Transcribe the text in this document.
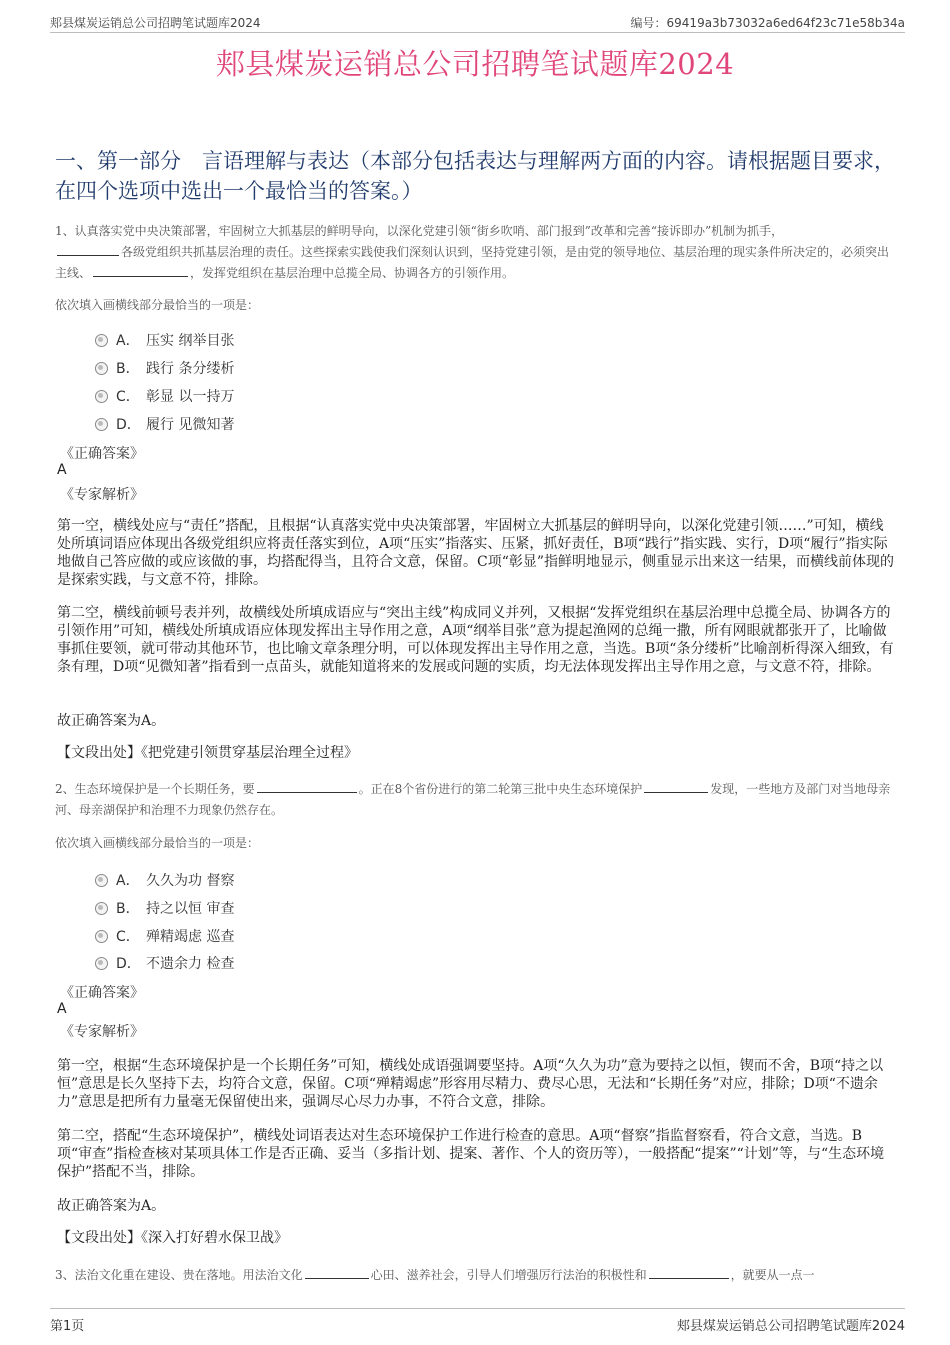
郏县煤炭运销总公司招聘笔试题库2024	编号：69419a3b73032a6ed64f23c71e58b34a
郏县煤炭运销总公司招聘笔试题库2024
一、第一部分　言语理解与表达（本部分包括表达与理解两方面的内容。请根据题目要求，在四个选项中选出一个最恰当的答案。）
1、认真落实党中央决策部署，牢固树立大抓基层的鲜明导向，以深化党建引领“街乡吹哨、部门报到”改革和完善“接诉即办”机制为抓手，
各级党组织共抓基层治理的责任。这些探索实践使我们深刻认识到，坚持党建引领，是由党的领导地位、基层治理的现实条件所决定的，必须突出主线、	，发挥党组织在基层治理中总揽全局、协调各方的引领作用。
依次填入画横线部分最恰当的一项是：
A． 压实 纲举目张
B． 践行 条分缕析
C． 彰显 以一持万
D． 履行 见微知著
《正确答案》
A
《专家解析》
第一空，横线处应与“责任”搭配，且根据“认真落实党中央决策部署，牢固树立大抓基层的鲜明导向，以深化党建引领……”可知，横线处所填词语应体现出各级党组织应将责任落实到位，A项“压实”指落实、压紧，抓好责任，B项“践行”指实践、实行，D项“履行”指实际地做自己答应做的或应该做的事，均搭配得当，且符合文意，保留。C项“彰显”指鲜明地显示，侧重显示出来这一结果，而横线前体现的是探索实践，与文意不符，排除。
第二空，横线前顿号表并列，故横线处所填成语应与“突出主线”构成同义并列，又根据“发挥党组织在基层治理中总揽全局、协调各方的引领作用”可知，横线处所填成语应体现发挥出主导作用之意，A项“纲举目张”意为提起渔网的总绳一撒，所有网眼就都张开了，比喻做事抓住要领，就可带动其他环节，也比喻文章条理分明，可以体现发挥出主导作用之意，当选。B项“条分缕析”比喻剖析得深入细致，有条有理，D项“见微知著”指看到一点苗头，就能知道将来的发展或问题的实质，均无法体现发挥出主导作用之意，与文意不符，排除。
故正确答案为A。
【文段出处】《把党建引领贯穿基层治理全过程》
2、生态环境保护是一个长期任务，要	。正在8个省份进行的第二轮第三批中央生态环境保护	发现，一些地方及部门对当地母亲河、母亲湖保护和治理不力现象仍然存在。
依次填入画横线部分最恰当的一项是：
A． 久久为功 督察
B． 持之以恒 审查
C． 殚精竭虑 巡查
D． 不遗余力 检查
《正确答案》
A
《专家解析》
第一空，根据“生态环境保护是一个长期任务”可知，横线处成语强调要坚持。A项“久久为功”意为要持之以恒，锲而不舍，B项“持之以恒”意思是长久坚持下去，均符合文意，保留。C项“殚精竭虑”形容用尽精力、费尽心思，无法和“长期任务”对应，排除；D项“不遗余力”意思是把所有力量毫无保留使出来，强调尽心尽力办事，不符合文意，排除。
第二空，搭配“生态环境保护”，横线处词语表达对生态环境保护工作进行检查的意思。A项“督察”指监督察看，符合文意，当选。B项“审查”指检查核对某项具体工作是否正确、妥当（多指计划、提案、著作、个人的资历等），一般搭配“提案”“计划”等，与“生态环境保护”搭配不当，排除。
故正确答案为A。
【文段出处】《深入打好碧水保卫战》
3、法治文化重在建设、贵在落地。用法治文化	心田、滋养社会，引导人们增强厉行法治的积极性和	，就要从一点一
第1页	郏县煤炭运销总公司招聘笔试题库2024
